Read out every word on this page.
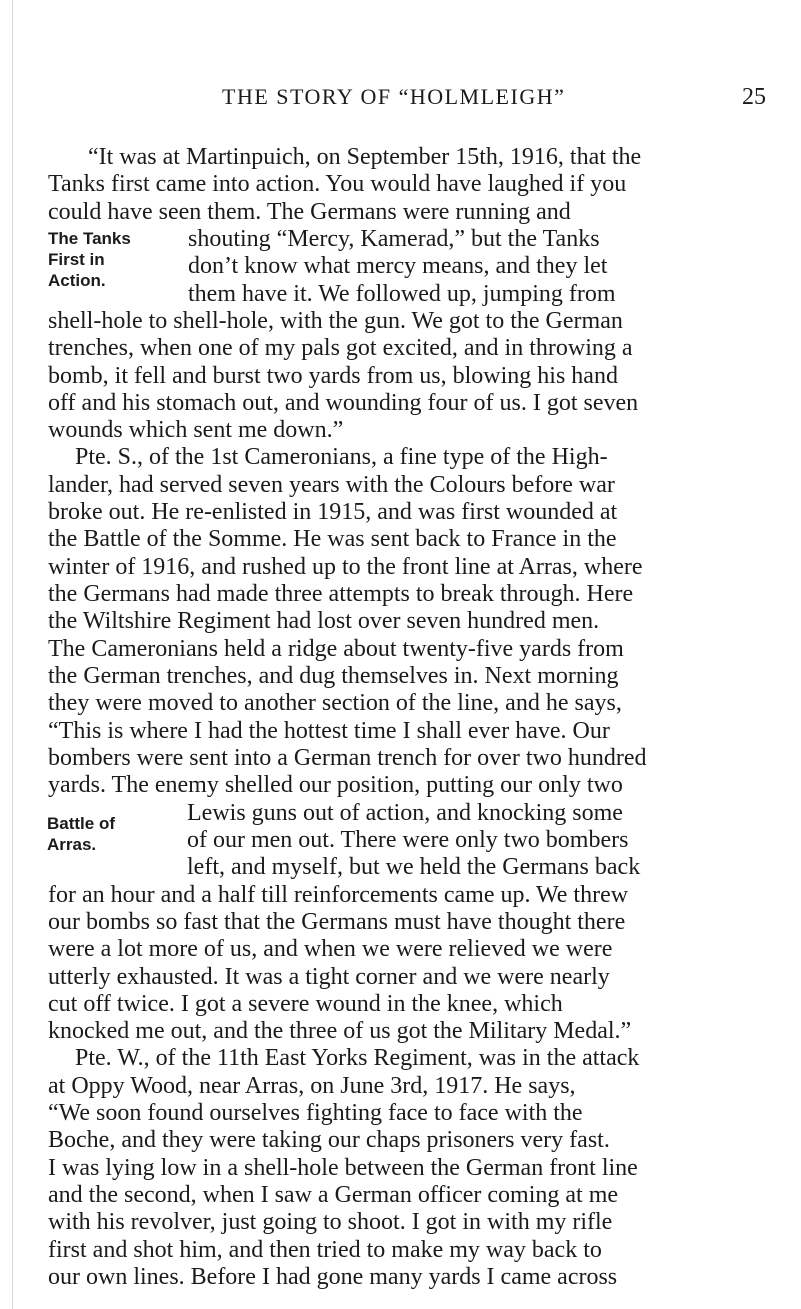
THE STORY OF “HOLMLEIGH”	25
The Tanks
First in
Action.
Battle of
Arras.
“It was at Martinpuich, on September 15th, 1916, that the
Tanks first came into action. You would have laughed if you
could have seen them. The Germans were running and
shouting “Mercy, Kamerad,” but the Tanks
don’t know what mercy means, and they let
them have it. We followed up, jumping from
shell-hole to shell-hole, with the gun. We got to the German
trenches, when one of my pals got excited, and in throwing a
bomb, it fell and burst two yards from us, blowing his hand
off and his stomach out, and wounding four of us. I got seven
wounds which sent me down.”
Pte. S., of the 1st Cameronians, a fine type of the High-
lander, had served seven years with the Colours before war
broke out. He re-enlisted in 1915, and was first wounded at
the Battle of the Somme. He was sent back to France in the
winter of 1916, and rushed up to the front line at Arras, where
the Germans had made three attempts to break through. Here
the Wiltshire Regiment had lost over seven hundred men.
The Cameronians held a ridge about twenty-five yards from
the German trenches, and dug themselves in. Next morning
they were moved to another section of the line, and he says,
“This is where I had the hottest time I shall ever have. Our
bombers were sent into a German trench for over two hundred
yards. The enemy shelled our position, putting our only two
Lewis guns out of action, and knocking some
of our men out. There were only two bombers
left, and myself, but we held the Germans back
for an hour and a half till reinforcements came up. We threw
our bombs so fast that the Germans must have thought there
were a lot more of us, and when we were relieved we were
utterly exhausted. It was a tight corner and we were nearly
cut off twice. I got a severe wound in the knee, which
knocked me out, and the three of us got the Military Medal.”
Pte. W., of the 11th East Yorks Regiment, was in the attack
at Oppy Wood, near Arras, on June 3rd, 1917. He says,
“We soon found ourselves fighting face to face with the
Boche, and they were taking our chaps prisoners very fast.
I was lying low in a shell-hole between the German front line
and the second, when I saw a German officer coming at me
with his revolver, just going to shoot. I got in with my rifle
first and shot him, and then tried to make my way back to
our own lines. Before I had gone many yards I came across
